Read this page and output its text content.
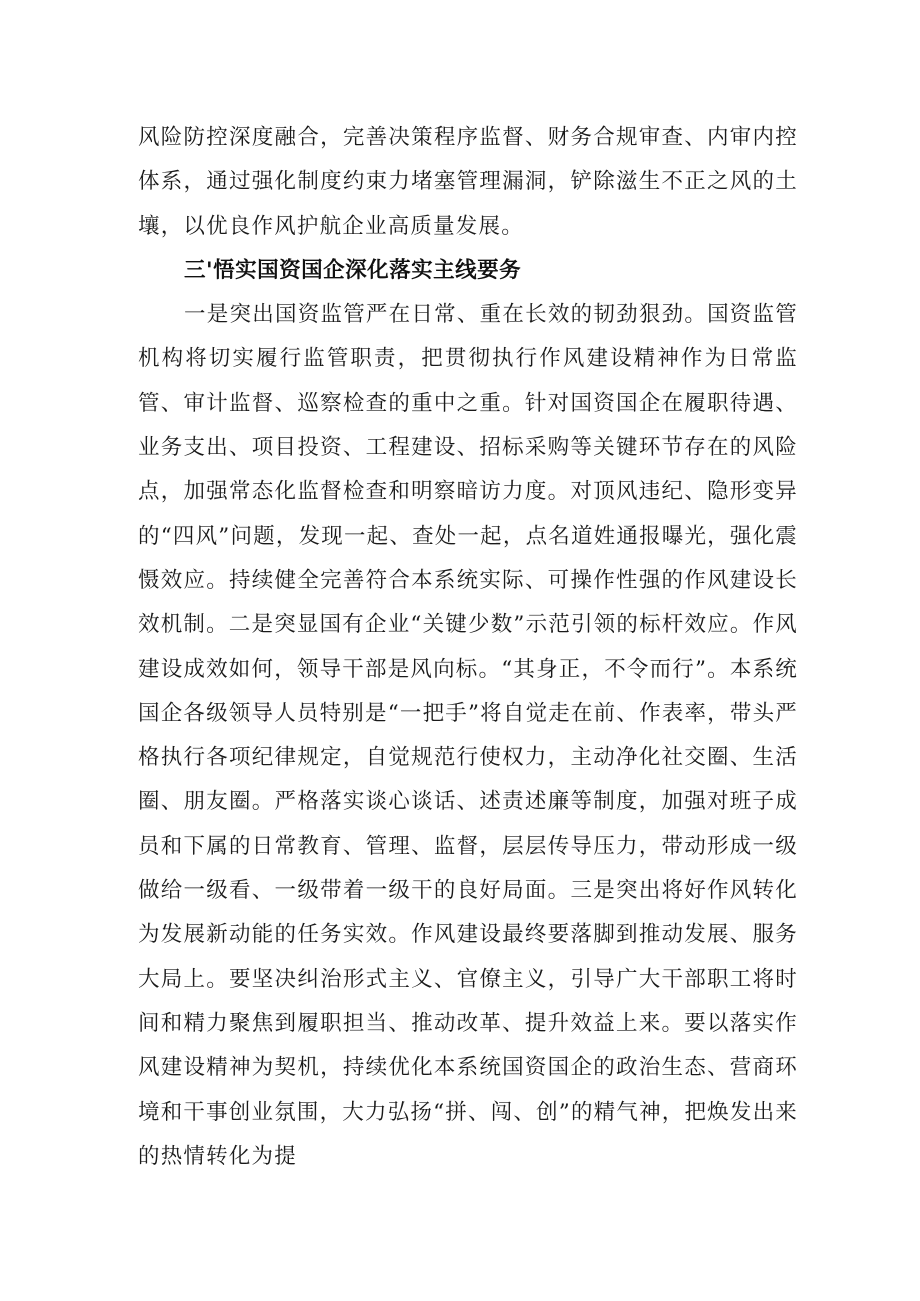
风险防控深度融合，完善决策程序监督、财务合规审查、内审内控体系，通过强化制度约束力堵塞管理漏洞，铲除滋生不正之风的土壤，以优良作风护航企业高质量发展。

三'悟实国资国企深化落实主线要务

一是突出国资监管严在日常、重在长效的韧劲狠劲。国资监管机构将切实履行监管职责，把贯彻执行作风建设精神作为日常监管、审计监督、巡察检查的重中之重。针对国资国企在履职待遇、业务支出、项目投资、工程建设、招标采购等关键环节存在的风险点，加强常态化监督检查和明察暗访力度。对顶风违纪、隐形变异的“四风”问题，发现一起、查处一起，点名道姓通报曝光，强化震慑效应。持续健全完善符合本系统实际、可操作性强的作风建设长效机制。二是突显国有企业“关键少数”示范引领的标杆效应。作风建设成效如何，领导干部是风向标。“其身正，不令而行”。本系统国企各级领导人员特别是“一把手”将自觉走在前、作表率，带头严格执行各项纪律规定，自觉规范行使权力，主动净化社交圈、生活圈、朋友圈。严格落实谈心谈话、述责述廉等制度，加强对班子成员和下属的日常教育、管理、监督，层层传导压力，带动形成一级做给一级看、一级带着一级干的良好局面。三是突出将好作风转化为发展新动能的任务实效。作风建设最终要落脚到推动发展、服务大局上。要坚决纠治形式主义、官僚主义，引导广大干部职工将时间和精力聚焦到履职担当、推动改革、提升效益上来。要以落实作风建设精神为契机，持续优化本系统国资国企的政治生态、营商环境和干事创业氛围，大力弘扬“拼、闯、创”的精气神，把焕发出来的热情转化为提
